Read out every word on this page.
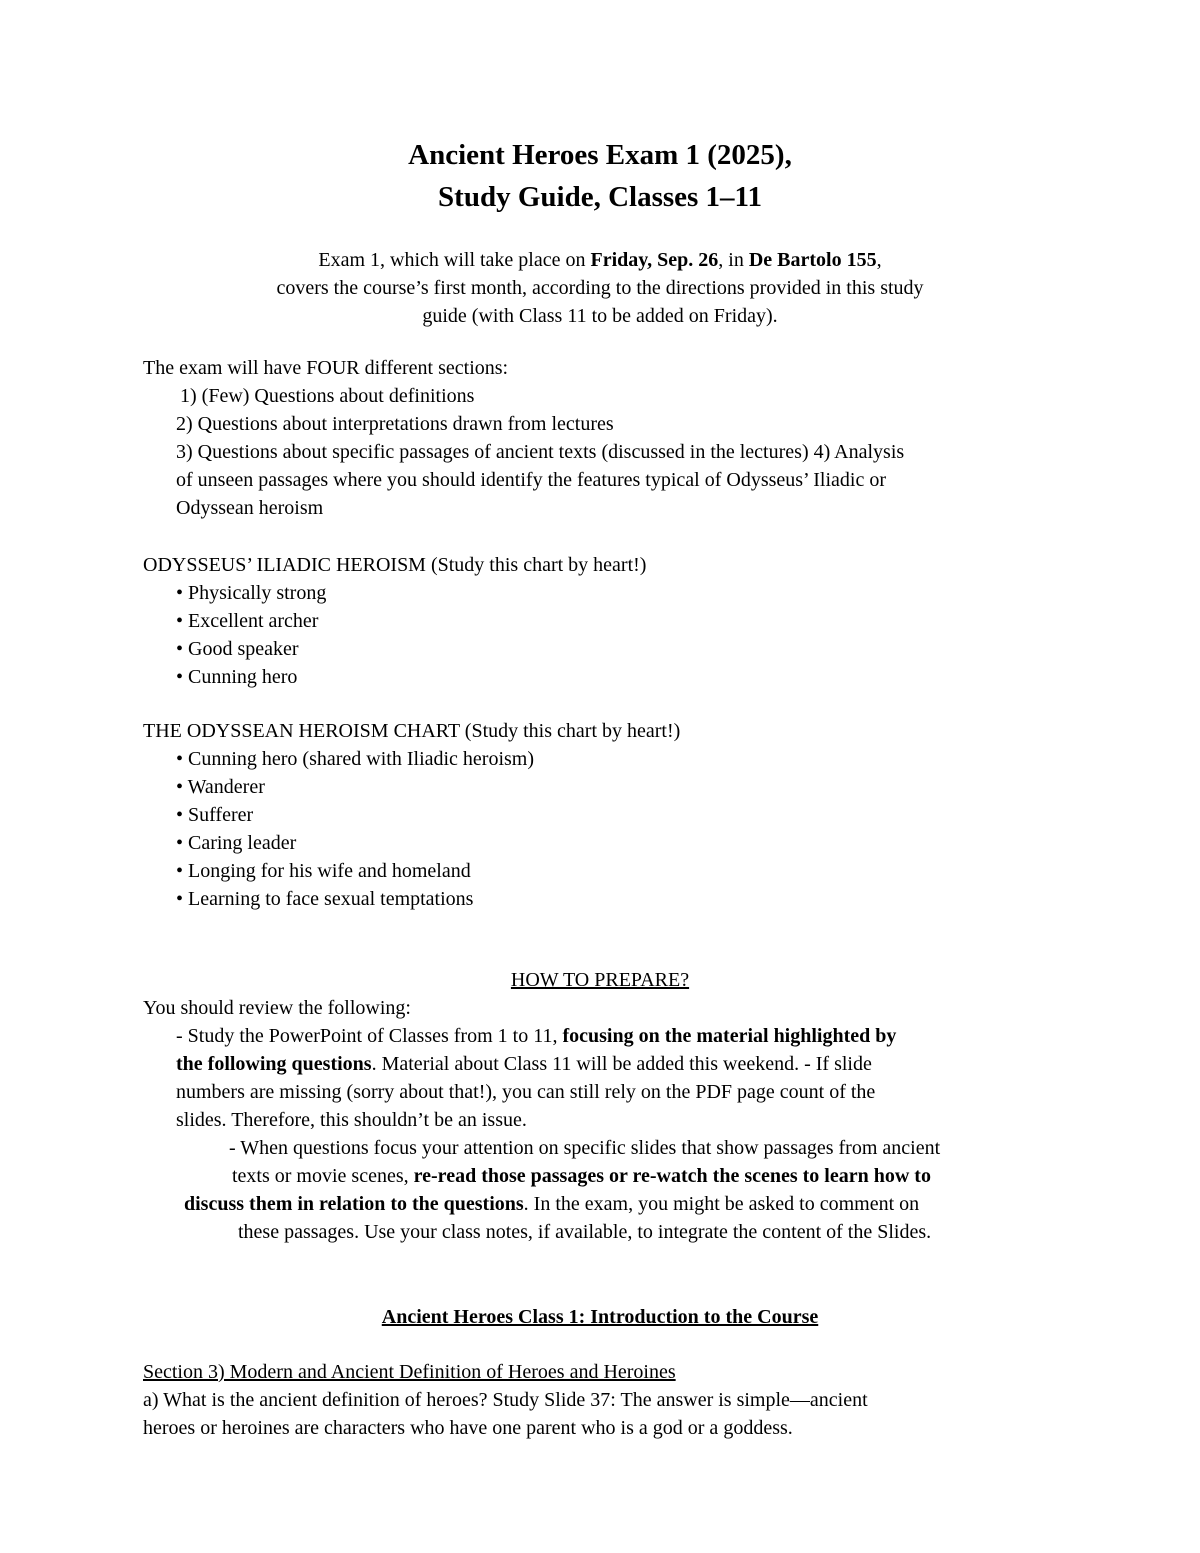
Ancient Heroes Exam 1 (2025),
Study Guide, Classes 1–11
Exam 1, which will take place on Friday, Sep. 26, in De Bartolo 155,
covers the course’s first month, according to the directions provided in this study
guide (with Class 11 to be added on Friday).

The exam will have FOUR different sections:

1) (Few) Questions about definitions

2) Questions about interpretations drawn from lectures

3) Questions about specific passages of ancient texts (discussed in the lectures) 4) Analysis

of unseen passages where you should identify the features typical of Odysseus’ Iliadic or

Odyssean heroism

ODYSSEUS’ ILIADIC HEROISM (Study this chart by heart!)

• Physically strong

• Excellent archer

• Good speaker

• Cunning hero

THE ODYSSEAN HEROISM CHART (Study this chart by heart!)

• Cunning hero (shared with Iliadic heroism)

• Wanderer

• Sufferer

• Caring leader

• Longing for his wife and homeland

• Learning to face sexual temptations

HOW TO PREPARE?

You should review the following:

- Study the PowerPoint of Classes from 1 to 11, focusing on the material highlighted by

the following questions. Material about Class 11 will be added this weekend. - If slide

numbers are missing (sorry about that!), you can still rely on the PDF page count of the

slides. Therefore, this shouldn’t be an issue.

- When questions focus your attention on specific slides that show passages from ancient

texts or movie scenes, re-read those passages or re-watch the scenes to learn how to

discuss them in relation to the questions. In the exam, you might be asked to comment on

these passages. Use your class notes, if available, to integrate the content of the Slides.

Ancient Heroes Class 1: Introduction to the Course

Section 3) Modern and Ancient Definition of Heroes and Heroines

a) What is the ancient definition of heroes? Study Slide 37: The answer is simple—ancient

heroes or heroines are characters who have one parent who is a god or a goddess.
